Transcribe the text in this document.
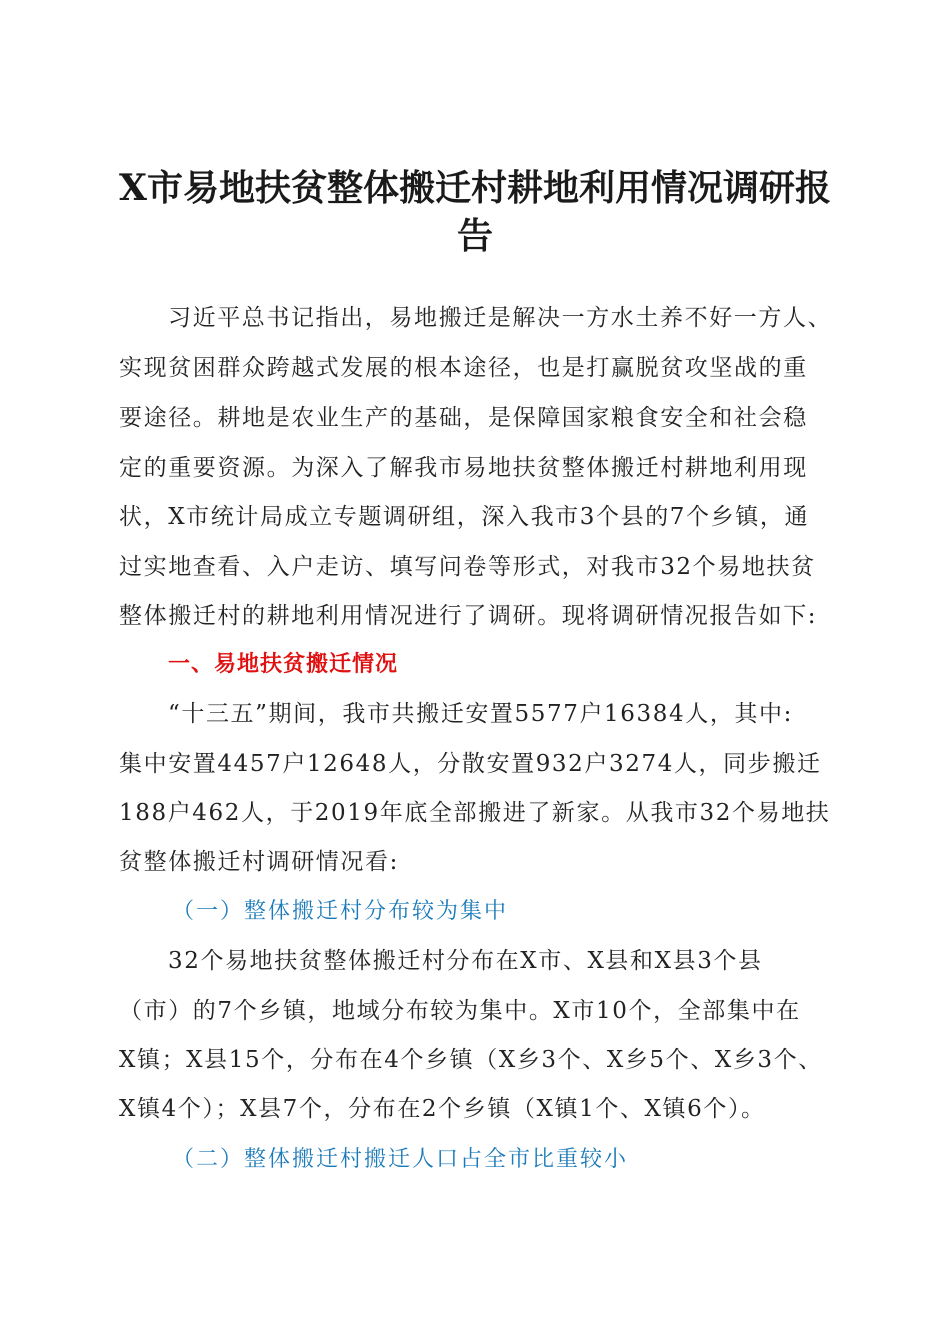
X市易地扶贫整体搬迁村耕地利用情况调研报
告

习近平总书记指出，易地搬迁是解决一方水土养不好一方人、

实现贫困群众跨越式发展的根本途径，也是打赢脱贫攻坚战的重

要途径。耕地是农业生产的基础，是保障国家粮食安全和社会稳

定的重要资源。为深入了解我市易地扶贫整体搬迁村耕地利用现

状，X市统计局成立专题调研组，深入我市3个县的7个乡镇，通

过实地查看、入户走访、填写问卷等形式，对我市32个易地扶贫

整体搬迁村的耕地利用情况进行了调研。现将调研情况报告如下:

一、易地扶贫搬迁情况

“十三五”期间，我市共搬迁安置5577户16384人，其中:

集中安置4457户12648人，分散安置932户3274人，同步搬迁

188户462人，于2019年底全部搬进了新家。从我市32个易地扶

贫整体搬迁村调研情况看:

（一）整体搬迁村分布较为集中

32个易地扶贫整体搬迁村分布在X市、X县和X县3个县

（市）的7个乡镇，地域分布较为集中。X市10个，全部集中在

X镇；X县15个，分布在4个乡镇（X乡3个、X乡5个、X乡3个、

X镇4个）；X县7个，分布在2个乡镇（X镇1个、X镇6个）。

（二）整体搬迁村搬迁人口占全市比重较小
